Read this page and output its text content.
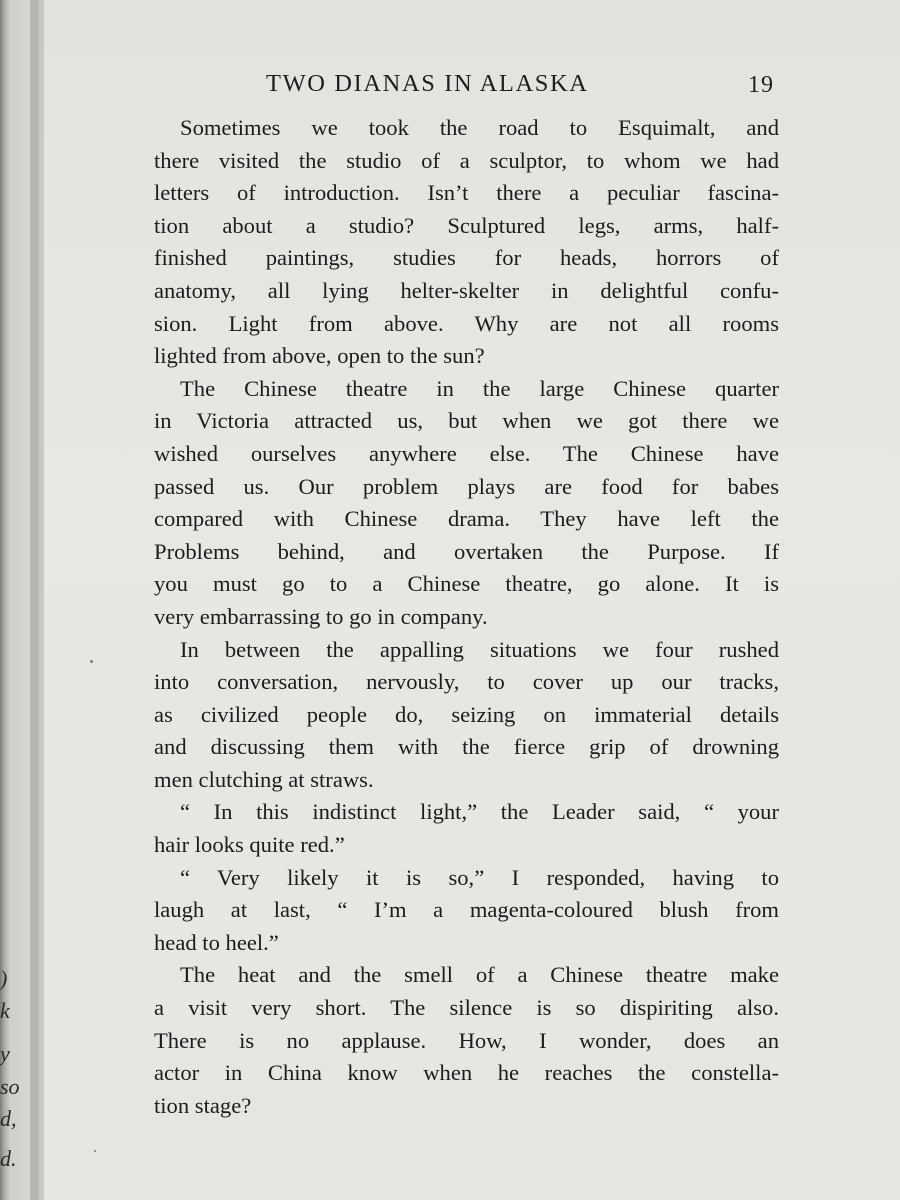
)
k
y
so
d,
d.
TWO DIANAS IN ALASKA	19
Sometimes we took the road to Esquimalt, and
there visited the studio of a sculptor, to whom we had
letters of introduction. Isn’t there a peculiar fascina-
tion about a studio? Sculptured legs, arms, half-
finished paintings, studies for heads, horrors of
anatomy, all lying helter-skelter in delightful confu-
sion. Light from above. Why are not all rooms
lighted from above, open to the sun?
The Chinese theatre in the large Chinese quarter
in Victoria attracted us, but when we got there we
wished ourselves anywhere else. The Chinese have
passed us. Our problem plays are food for babes
compared with Chinese drama. They have left the
Problems behind, and overtaken the Purpose. If
you must go to a Chinese theatre, go alone. It is
very embarrassing to go in company.
In between the appalling situations we four rushed
into conversation, nervously, to cover up our tracks,
as civilized people do, seizing on immaterial details
and discussing them with the fierce grip of drowning
men clutching at straws.
“ In this indistinct light,” the Leader said, “ your
hair looks quite red.”
“ Very likely it is so,” I responded, having to
laugh at last, “ I’m a magenta-coloured blush from
head to heel.”
The heat and the smell of a Chinese theatre make
a visit very short. The silence is so dispiriting also.
There is no applause. How, I wonder, does an
actor in China know when he reaches the constella-
tion stage?
